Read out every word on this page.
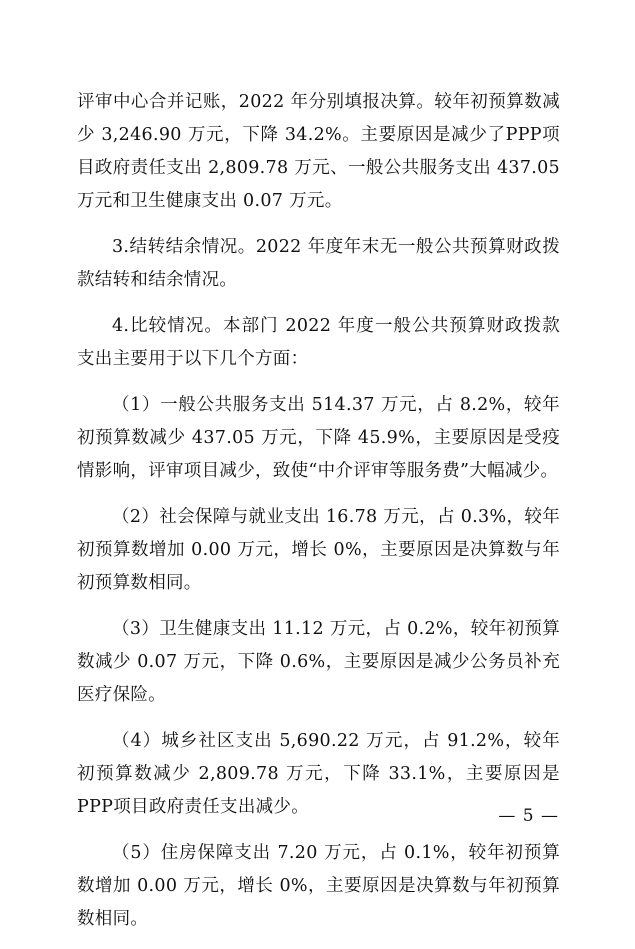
评审中心合并记账，2022 年分别填报决算。较年初预算数减少 3,246.90 万元，下降 34.2%。主要原因是减少了PPP项目政府责任支出 2,809.78 万元、一般公共服务支出 437.05 万元和卫生健康支出 0.07 万元。

3.结转结余情况。2022 年度年末无一般公共预算财政拨款结转和结余情况。

4.比较情况。本部门 2022 年度一般公共预算财政拨款支出主要用于以下几个方面：

（1）一般公共服务支出 514.37 万元，占 8.2%，较年初预算数减少 437.05 万元，下降 45.9%，主要原因是受疫情影响，评审项目减少，致使“中介评审等服务费”大幅减少。

（2）社会保障与就业支出 16.78 万元，占 0.3%，较年初预算数增加 0.00 万元，增长 0%，主要原因是决算数与年初预算数相同。

（3）卫生健康支出 11.12 万元，占 0.2%，较年初预算数减少 0.07 万元，下降 0.6%，主要原因是减少公务员补充医疗保险。

（4）城乡社区支出 5,690.22 万元，占 91.2%，较年初预算数减少 2,809.78 万元，下降 33.1%，主要原因是PPP项目政府责任支出减少。

（5）住房保障支出 7.20 万元，占 0.1%，较年初预算数增加 0.00 万元，增长 0%，主要原因是决算数与年初预算数相同。

— 5 —
